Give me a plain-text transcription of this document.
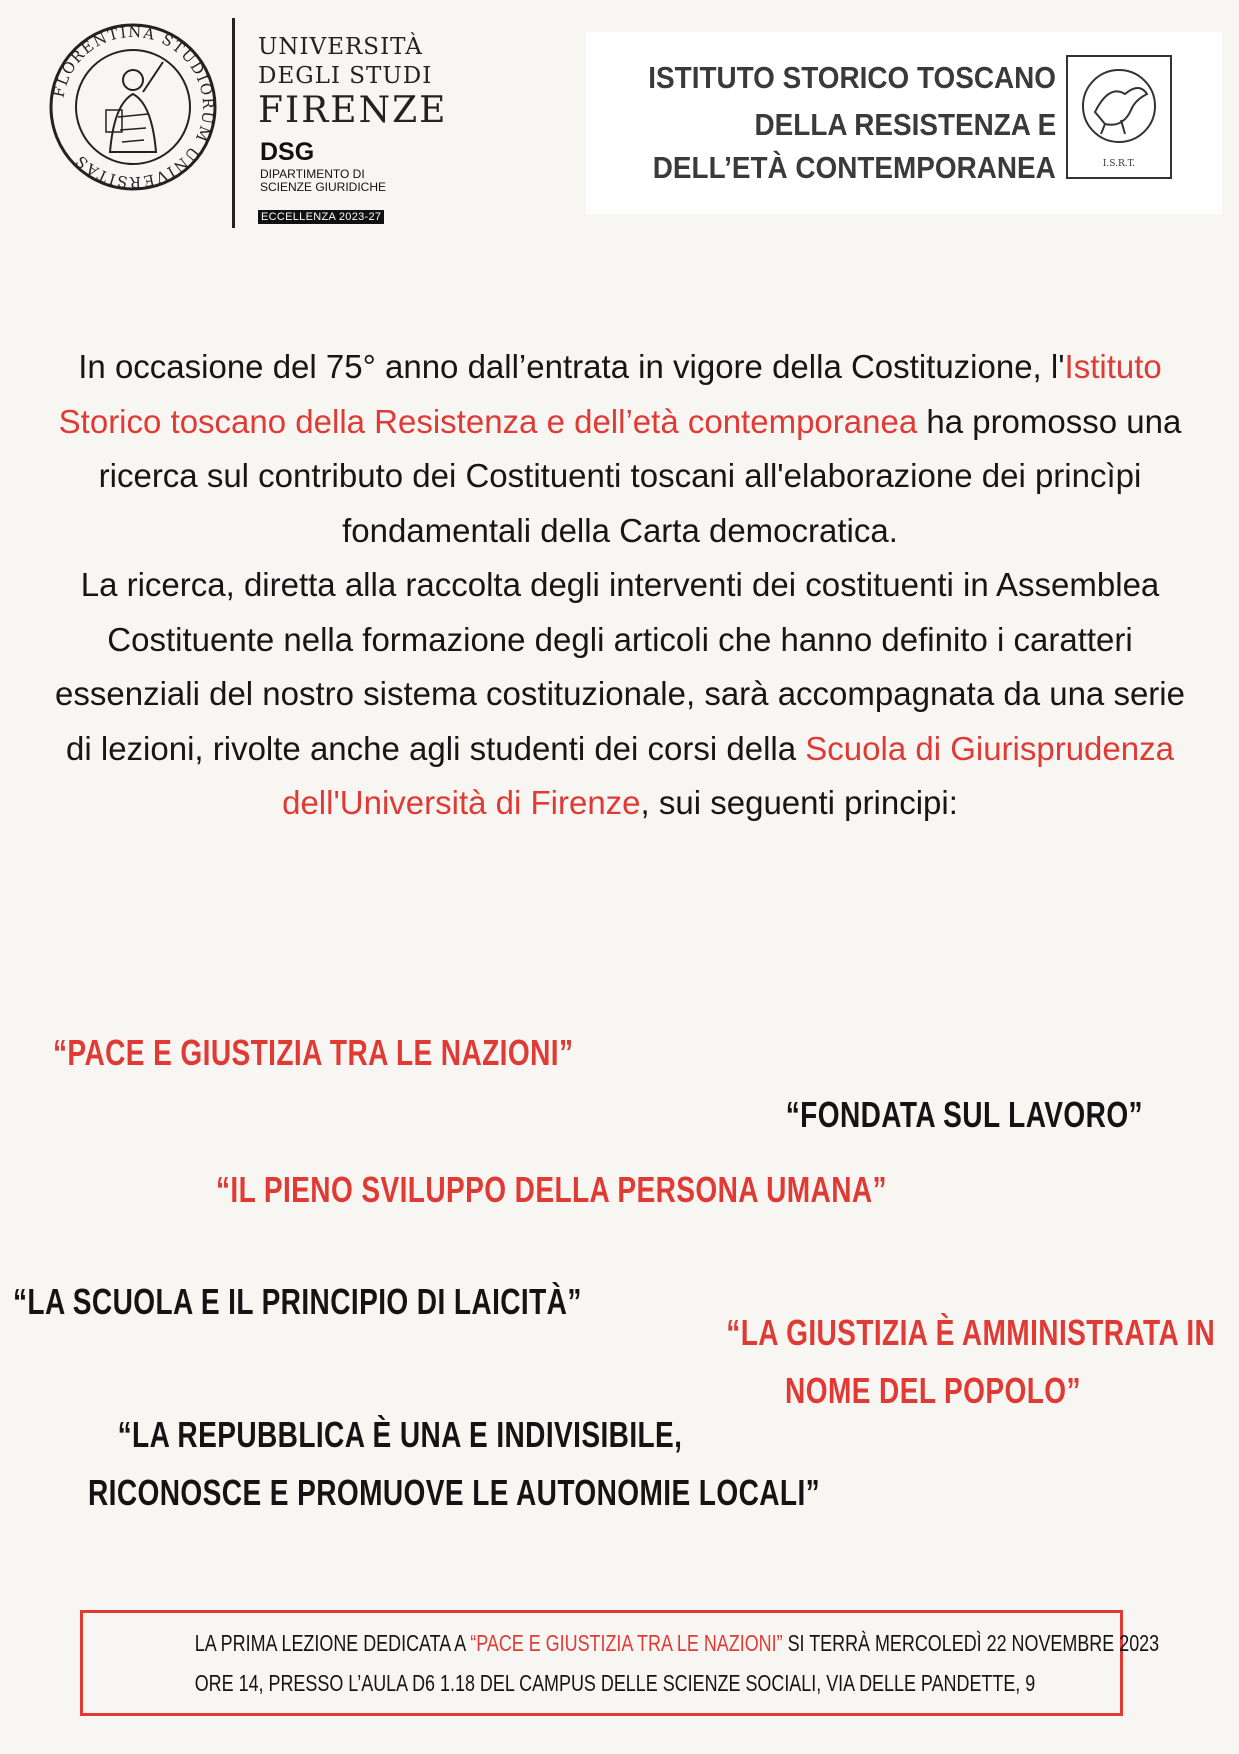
FLORENTINA STUDIORUM UNIVERSITAS
UNIVERSITÀ
DEGLI STUDI
FIRENZE
DSG
DIPARTIMENTO DI
SCIENZE GIURIDICHE
ECCELLENZA 2023-27
ISTITUTO STORICO TOSCANO
DELLA RESISTENZA E
DELL’ETÀ CONTEMPORANEA	I.S.R.T.
In occasione del 75° anno dall’entrata in vigore della Costituzione, l'Istituto Storico toscano della Resistenza e dell’età contemporanea ha promosso una ricerca sul contributo dei Costituenti toscani all'elaborazione dei princìpi fondamentali della Carta democratica.
La ricerca, diretta alla raccolta degli interventi dei costituenti in Assemblea Costituente nella formazione degli articoli che hanno definito i caratteri essenziali del nostro sistema costituzionale, sarà accompagnata da una serie di lezioni, rivolte anche agli studenti dei corsi della Scuola di Giurisprudenza dell'Università di Firenze, sui seguenti principi:
“PACE E GIUSTIZIA TRA LE NAZIONI”
“FONDATA SUL LAVORO”
“IL PIENO SVILUPPO DELLA PERSONA UMANA”
“LA SCUOLA E IL PRINCIPIO DI LAICITÀ”
“LA GIUSTIZIA È AMMINISTRATA IN
NOME DEL POPOLO”
“LA REPUBBLICA È UNA E INDIVISIBILE,
RICONOSCE E PROMUOVE LE AUTONOMIE LOCALI”
LA PRIMA LEZIONE DEDICATA A “PACE E GIUSTIZIA TRA LE NAZIONI” SI TERRÀ MERCOLEDÌ 22 NOVEMBRE 2023
ORE 14, PRESSO L’AULA D6 1.18 DEL CAMPUS DELLE SCIENZE SOCIALI, VIA DELLE PANDETTE, 9
